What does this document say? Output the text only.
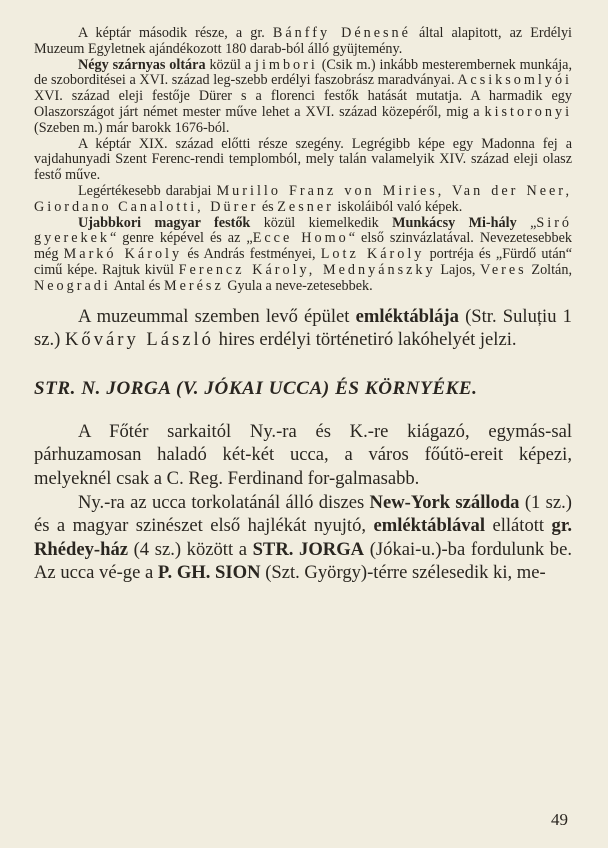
A képtár második része, a gr. Bánffy Dénesné által alapitott, az Erdélyi Muzeum Egyletnek ajándékozott 180 darab-ból álló gyüjtemény.

Négy szárnyas oltára közül a jimbori (Csik m.) inkább mesterembernek munkája, de szoborditései a XVI. század leg-szebb erdélyi faszobrász maradványai. A csiksomlyói XVI. század eleji festője Dürer s a florenci festők hatását mutatja. A harmadik egy Olaszországot járt német mester műve lehet a XVI. század közepéről, mig a kistoronyi (Szeben m.) már barokk 1676-ból.

A képtár XIX. század előtti része szegény. Legrégibb képe egy Madonna fej a vajdahunyadi Szent Ferenc-rendi templomból, mely talán valamelyik XIV. század eleji olasz festő műve.

Legértékesebb darabjai Murillo Franz von Miries, Van der Neer, Giordano Canalotti, Dürer és Zesner iskoláiból való képek.

Ujabbkori magyar festők közül kiemelkedik Munkácsy Mi-hály „Siró gyerekek“ genre képével és az „Ecce Homo“ első szinvázlatával. Nevezetesebbek még Markó Károly és András festményei, Lotz Károly portréja és „Fürdő után“ cimű képe. Rajtuk kivül Ferencz Károly, Mednyánszky Lajos, Veres Zoltán, Neogradi Antal és Merész Gyula a neve-zetesebbek.

A muzeummal szemben levő épület emléktáblája (Str. Suluțiu 1 sz.) Kőváry László hires erdélyi történetiró lakóhelyét jelzi.

STR. N. JORGA (V. JÓKAI UCCA) ÉS KÖRNYÉKE.

A Főtér sarkaitól Ny.-ra és K.-re kiágazó, egymás-sal párhuzamosan haladó két-két ucca, a város főútö-ereit képezi, melyeknél csak a C. Reg. Ferdinand for-galmasabb.

Ny.-ra az ucca torkolatánál álló diszes New-York szálloda (1 sz.) és a magyar szinészet első hajlékát nyujtó, emléktáblával ellátott gr. Rhédey-ház (4 sz.) között a STR. JORGA (Jókai-u.)-ba fordulunk be. Az ucca vé-ge a P. GH. SION (Szt. György)-térre szélesedik ki, me-

49
